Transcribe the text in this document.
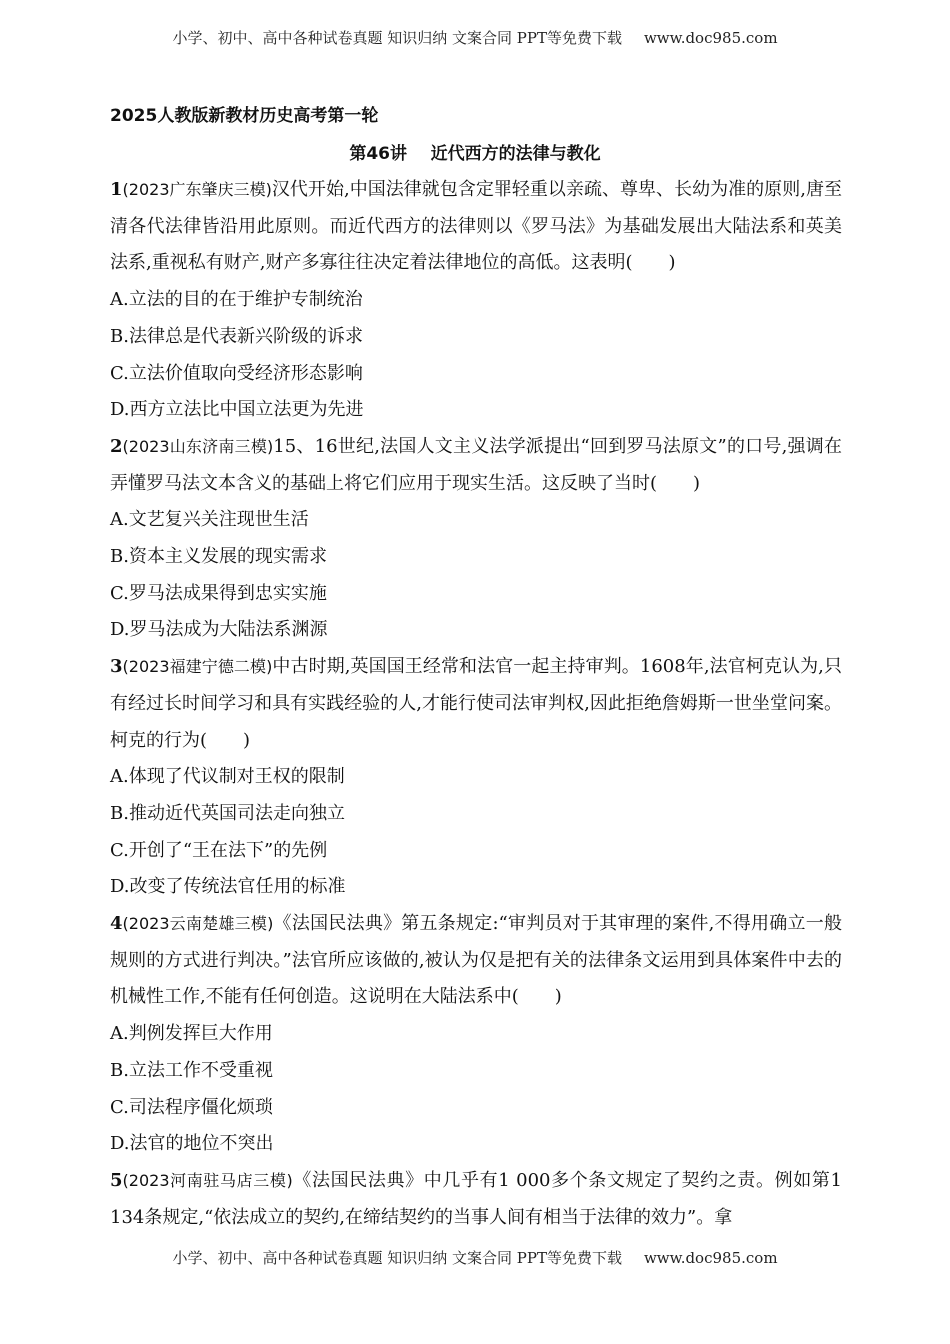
小学、初中、高中各种试卷真题 知识归纳 文案合同 PPT等免费下载 www.doc985.com
2025人教版新教材历史高考第一轮
第46讲    近代西方的法律与教化

1(2023广东肇庆三模)汉代开始,中国法律就包含定罪轻重以亲疏、尊卑、长幼为准的原则,唐至清各代法律皆沿用此原则。而近代西方的法律则以《罗马法》为基础发展出大陆法系和英美法系,重视私有财产,财产多寡往往决定着法律地位的高低。这表明(　　)

A.立法的目的在于维护专制统治

B.法律总是代表新兴阶级的诉求

C.立法价值取向受经济形态影响

D.西方立法比中国立法更为先进

2(2023山东济南三模)15、16世纪,法国人文主义法学派提出“回到罗马法原文”的口号,强调在弄懂罗马法文本含义的基础上将它们应用于现实生活。这反映了当时(　　)

A.文艺复兴关注现世生活

B.资本主义发展的现实需求

C.罗马法成果得到忠实实施

D.罗马法成为大陆法系渊源

3(2023福建宁德二模)中古时期,英国国王经常和法官一起主持审判。1608年,法官柯克认为,只有经过长时间学习和具有实践经验的人,才能行使司法审判权,因此拒绝詹姆斯一世坐堂问案。柯克的行为(　　)

A.体现了代议制对王权的限制

B.推动近代英国司法走向独立

C.开创了“王在法下”的先例

D.改变了传统法官任用的标准

4(2023云南楚雄三模)《法国民法典》第五条规定:“审判员对于其审理的案件,不得用确立一般规则的方式进行判决。”法官所应该做的,被认为仅是把有关的法律条文运用到具体案件中去的机械性工作,不能有任何创造。这说明在大陆法系中(　　)

A.判例发挥巨大作用

B.立法工作不受重视

C.司法程序僵化烦琐

D.法官的地位不突出

5(2023河南驻马店三模)《法国民法典》中几乎有1 000多个条文规定了契约之责。例如第1 134条规定,“依法成立的契约,在缔结契约的当事人间有相当于法律的效力”。拿

小学、初中、高中各种试卷真题 知识归纳 文案合同 PPT等免费下载 www.doc985.com
